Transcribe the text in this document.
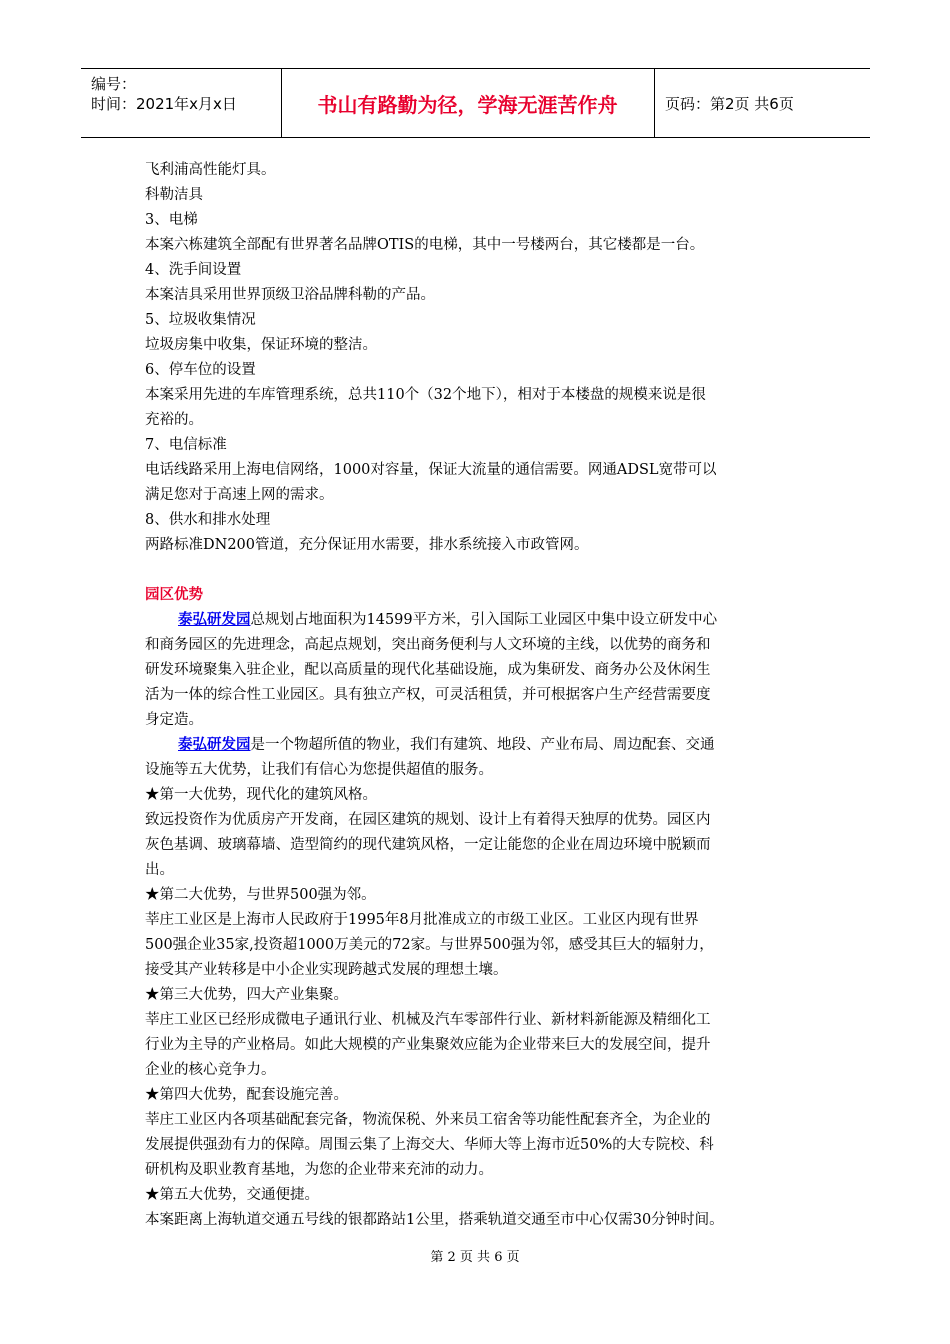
编号：
时间：2021年x月x日	书山有路勤为径，学海无涯苦作舟	页码：第2页 共6页

飞利浦高性能灯具。

科勒洁具

3、电梯

本案六栋建筑全部配有世界著名品牌OTIS的电梯，其中一号楼两台，其它楼都是一台。

4、洗手间设置

本案洁具采用世界顶级卫浴品牌科勒的产品。

5、垃圾收集情况

垃圾房集中收集，保证环境的整洁。

6、停车位的设置

本案采用先进的车库管理系统，总共110个（32个地下），相对于本楼盘的规模来说是很

充裕的。

7、电信标准

电话线路采用上海电信网络，1000对容量，保证大流量的通信需要。网通ADSL宽带可以

满足您对于高速上网的需求。

8、供水和排水处理

两路标准DN200管道，充分保证用水需要，排水系统接入市政管网。

园区优势

泰弘研发园总规划占地面积为14599平方米，引入国际工业园区中集中设立研发中心

和商务园区的先进理念，高起点规划，突出商务便利与人文环境的主线，以优势的商务和

研发环境聚集入驻企业，配以高质量的现代化基础设施，成为集研发、商务办公及休闲生

活为一体的综合性工业园区。具有独立产权，可灵活租赁，并可根据客户生产经营需要度

身定造。

泰弘研发园是一个物超所值的物业，我们有建筑、地段、产业布局、周边配套、交通

设施等五大优势，让我们有信心为您提供超值的服务。

★第一大优势，现代化的建筑风格。

致远投资作为优质房产开发商，在园区建筑的规划、设计上有着得天独厚的优势。园区内

灰色基调、玻璃幕墙、造型简约的现代建筑风格，一定让能您的企业在周边环境中脱颖而

出。

★第二大优势，与世界500强为邻。

莘庄工业区是上海市人民政府于1995年8月批准成立的市级工业区。工业区内现有世界

500强企业35家,投资超1000万美元的72家。与世界500强为邻，感受其巨大的辐射力，

接受其产业转移是中小企业实现跨越式发展的理想土壤。

★第三大优势，四大产业集聚。

莘庄工业区已经形成微电子通讯行业、机械及汽车零部件行业、新材料新能源及精细化工

行业为主导的产业格局。如此大规模的产业集聚效应能为企业带来巨大的发展空间，提升

企业的核心竞争力。

★第四大优势，配套设施完善。

莘庄工业区内各项基础配套完备，物流保税、外来员工宿舍等功能性配套齐全，为企业的

发展提供强劲有力的保障。周围云集了上海交大、华师大等上海市近50%的大专院校、科

研机构及职业教育基地，为您的企业带来充沛的动力。

★第五大优势，交通便捷。

本案距离上海轨道交通五号线的银都路站1公里，搭乘轨道交通至市中心仅需30分钟时间。

第 2 页 共 6 页
